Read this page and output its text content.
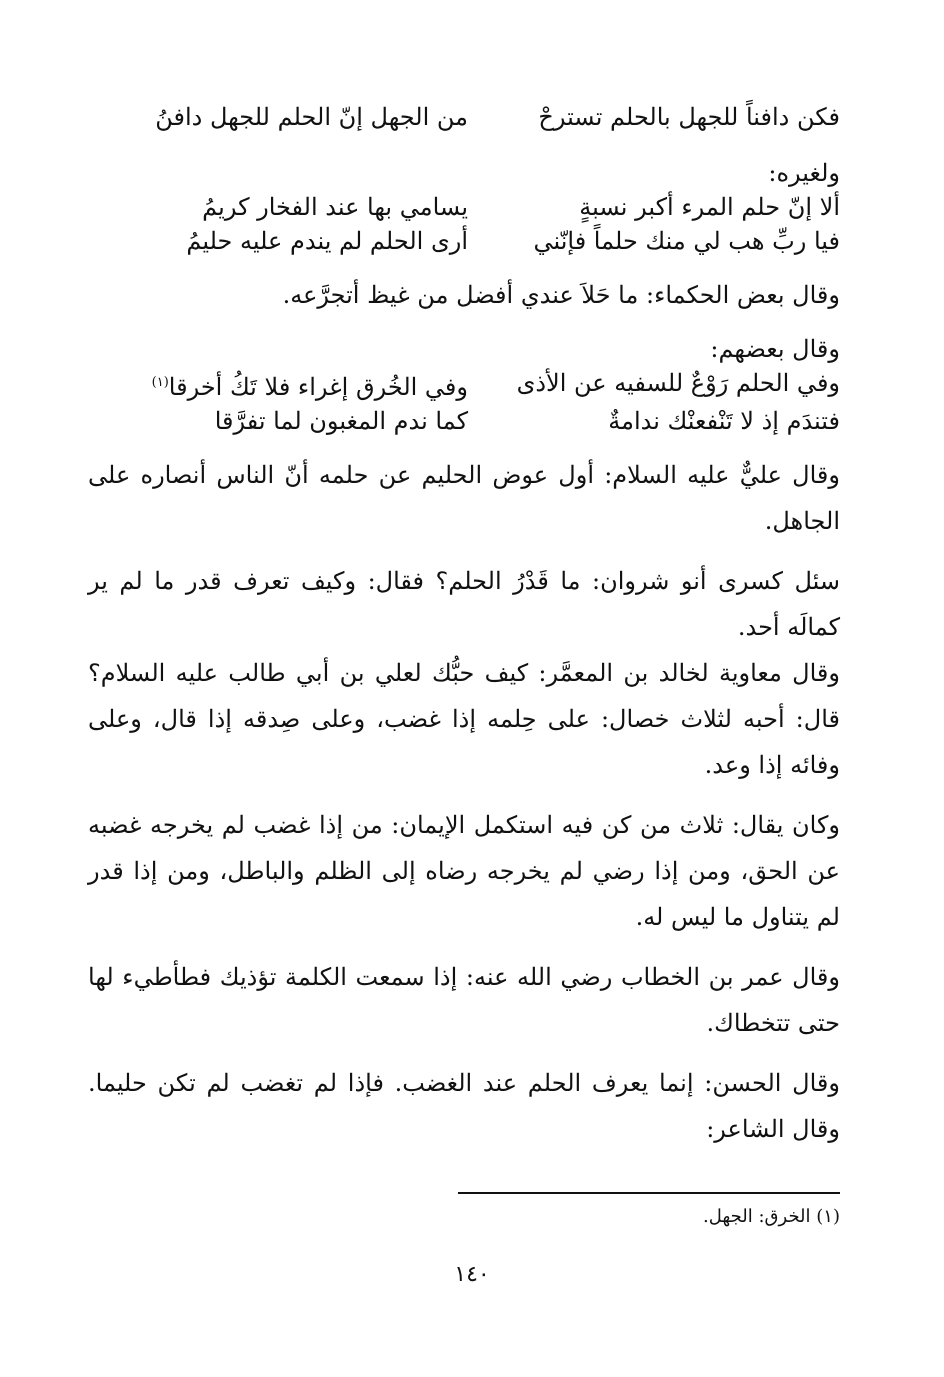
فكن دافناً للجهل بالحلم تسترحْ
من الجهل إنّ الحلم للجهل دافنُ
ولغيره:
ألا إنّ حلم المرء أكبر نسبةٍ
يسامي بها عند الفخار كريمُ
فيا ربِّ هب لي منك حلماً فإنّني
أرى الحلم لم يندم عليه حليمُ

وقال بعض الحكماء: ما حَلاَ عندي أفضل من غيظ أتجرَّعه.

وقال بعضهم:
وفي الحلم رَوْعٌ للسفيه عن الأذى
وفي الخُرق إغراء فلا تَكُ أخرقا$^{(١)}$
فتندَم إذ لا تَنْفعنْك ندامةٌ
كما ندم المغبون لما تفرَّقا

وقال عليٌّ عليه السلام: أول عوض الحليم عن حلمه أنّ الناس أنصاره على الجاهل.

سئل كسرى أنو شروان: ما قَدْرُ الحلم؟ فقال: وكيف تعرف قدر ما لم ير كمالَه أحد.

وقال معاوية لخالد بن المعمَّر: كيف حبُّك لعلي بن أبي طالب عليه السلام؟ قال: أحبه لثلاث خصال: على حِلمه إذا غضب، وعلى صِدقه إذا قال، وعلى وفائه إذا وعد.

وكان يقال: ثلاث من كن فيه استكمل الإيمان: من إذا غضب لم يخرجه غضبه عن الحق، ومن إذا رضي لم يخرجه رضاه إلى الظلم والباطل، ومن إذا قدر لم يتناول ما ليس له.

وقال عمر بن الخطاب رضي الله عنه: إذا سمعت الكلمة تؤذيك فطأطيء لها حتى تتخطاك.

وقال الحسن: إنما يعرف الحلم عند الغضب. فإذا لم تغضب لم تكن حليما. وقال الشاعر:

(١) الخرق: الجهل.
١٤٠
